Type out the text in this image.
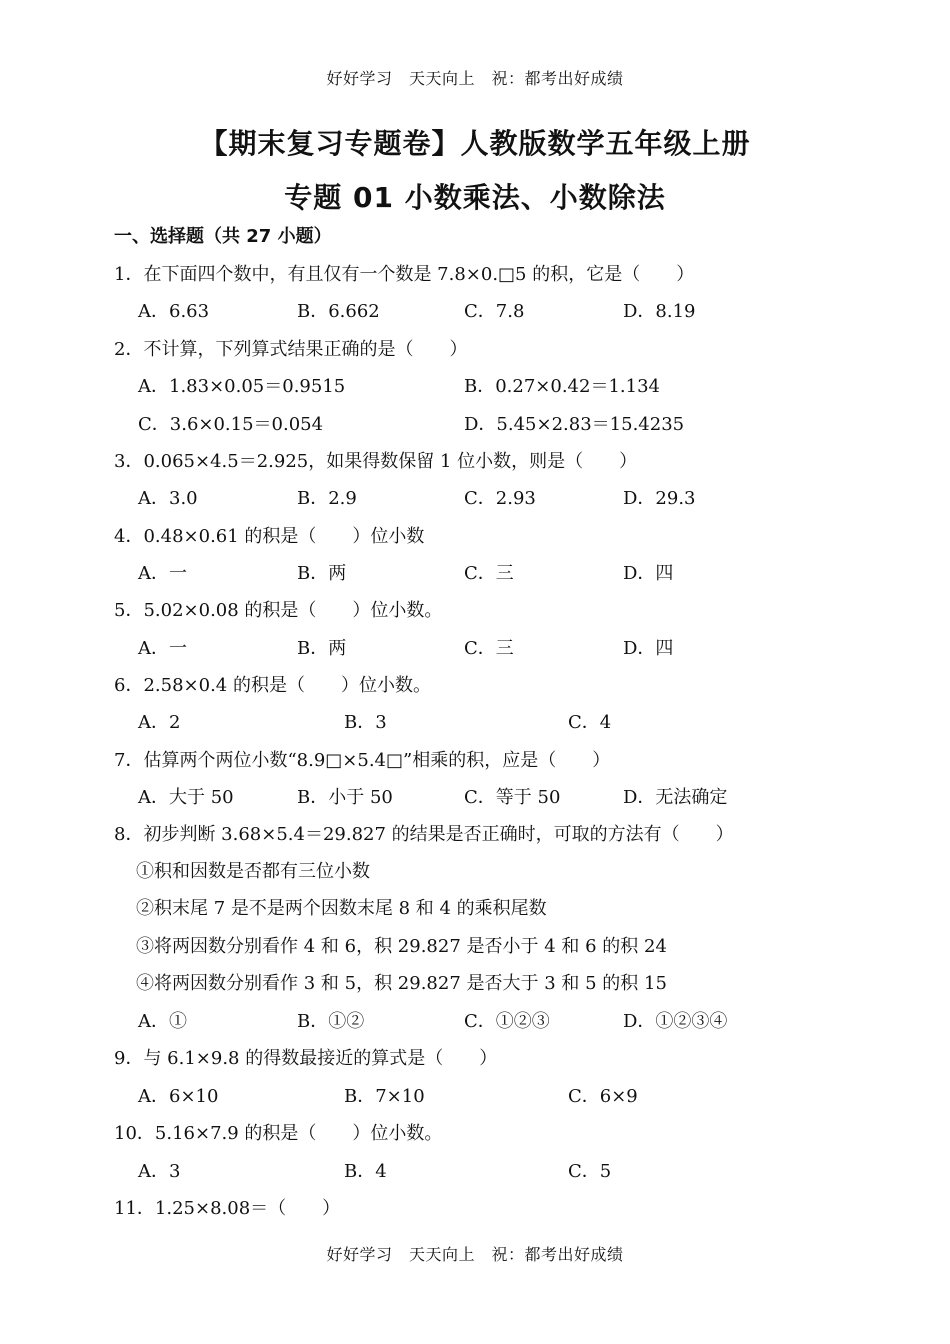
好好学习　天天向上　祝：都考出好成绩
【期末复习专题卷】人教版数学五年级上册
专题 01 小数乘法、小数除法
一、选择题（共 27 小题）
1．在下面四个数中，有且仅有一个数是 7.8×0.□5 的积，它是（　　）
A．6.63	B．6.662	C．7.8	D．8.19
2．不计算，下列算式结果正确的是（　　）
A．1.83×0.05＝0.9515	B．0.27×0.42＝1.134
C．3.6×0.15＝0.054	D．5.45×2.83＝15.4235
3．0.065×4.5＝2.925，如果得数保留 1 位小数，则是（　　）
A．3.0	B．2.9	C．2.93	D．29.3
4．0.48×0.61 的积是（　　）位小数
A．一	B．两	C．三	D．四
5．5.02×0.08 的积是（　　）位小数。
A．一	B．两	C．三	D．四
6．2.58×0.4 的积是（　　）位小数。
A．2	B．3	C．4
7．估算两个两位小数“8.9□×5.4□”相乘的积，应是（　　）
A．大于 50	B．小于 50	C．等于 50	D．无法确定
8．初步判断 3.68×5.4＝29.827 的结果是否正确时，可取的方法有（　　）
①积和因数是否都有三位小数
②积末尾 7 是不是两个因数末尾 8 和 4 的乘积尾数
③将两因数分别看作 4 和 6，积 29.827 是否小于 4 和 6 的积 24
④将两因数分别看作 3 和 5，积 29.827 是否大于 3 和 5 的积 15
A．①	B．①②	C．①②③	D．①②③④
9．与 6.1×9.8 的得数最接近的算式是（　　）
A．6×10	B．7×10	C．6×9
10．5.16×7.9 的积是（　　）位小数。
A．3	B．4	C．5
11．1.25×8.08＝（　　）
好好学习　天天向上　祝：都考出好成绩
